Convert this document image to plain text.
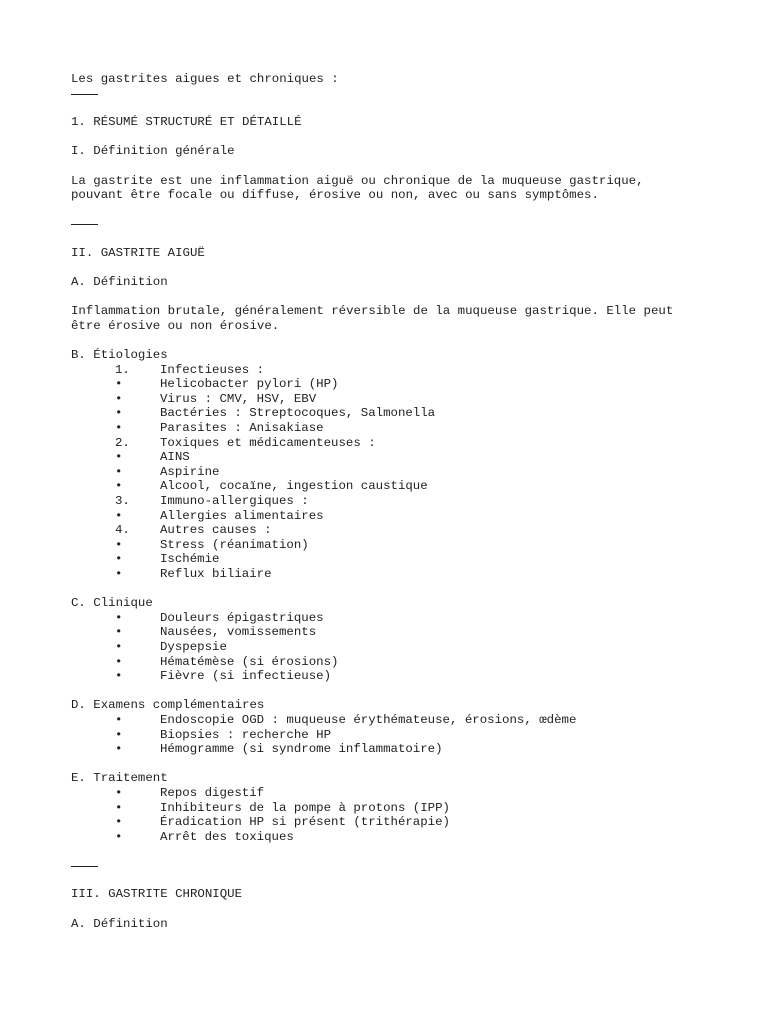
Les gastrites aigues et chroniques :
1. RÉSUMÉ STRUCTURÉ ET DÉTAILLÉ
I. Définition générale
La gastrite est une inflammation aiguë ou chronique de la muqueuse gastrique,
pouvant être focale ou diffuse, érosive ou non, avec ou sans symptômes.
II. GASTRITE AIGUË
A. Définition
Inflammation brutale, généralement réversible de la muqueuse gastrique. Elle peut
être érosive ou non érosive.
B. Étiologies
1. Infectieuses :
•	Helicobacter pylori (HP)
•	Virus : CMV, HSV, EBV
•	Bactéries : Streptocoques, Salmonella
•	Parasites : Anisakiase
2. Toxiques et médicamenteuses :
•	AINS
•	Aspirine
•	Alcool, cocaïne, ingestion caustique
3. Immuno-allergiques :
•	Allergies alimentaires
4. Autres causes :
•	Stress (réanimation)
•	Ischémie
•	Reflux biliaire
C. Clinique
•	Douleurs épigastriques
•	Nausées, vomissements
•	Dyspepsie
•	Hématémèse (si érosions)
•	Fièvre (si infectieuse)
D. Examens complémentaires
•	Endoscopie OGD : muqueuse érythémateuse, érosions, œdème
•	Biopsies : recherche HP
•	Hémogramme (si syndrome inflammatoire)
E. Traitement
•	Repos digestif
•	Inhibiteurs de la pompe à protons (IPP)
•	Éradication HP si présent (trithérapie)
•	Arrêt des toxiques
III. GASTRITE CHRONIQUE
A. Définition
